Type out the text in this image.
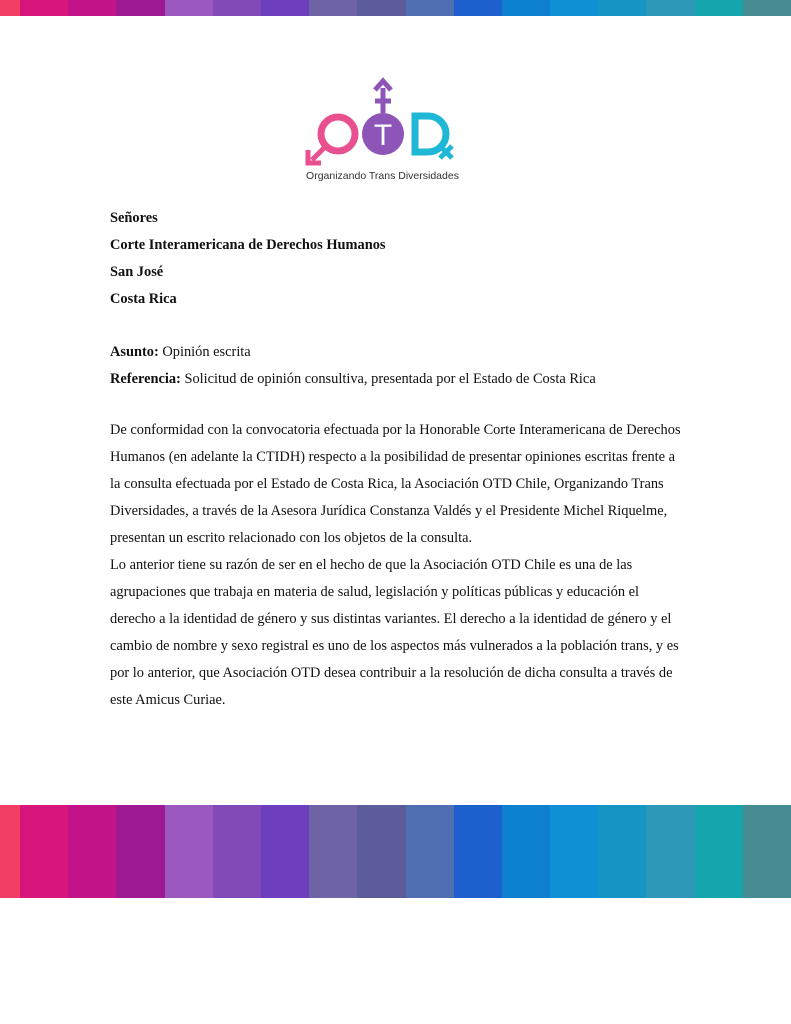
T
Organizando Trans Diversidades

Señores

Corte Interamericana de Derechos Humanos

San José

Costa Rica

Asunto: Opinión escrita

Referencia: Solicitud de opinión consultiva, presentada por el Estado de Costa Rica

De conformidad con la convocatoria efectuada por la Honorable Corte Interamericana de Derechos Humanos (en adelante la CTIDH) respecto a la posibilidad de presentar opiniones escritas frente a la consulta efectuada por el Estado de Costa Rica, la Asociación OTD Chile, Organizando Trans Diversidades, a través de la Asesora Jurídica Constanza Valdés y el Presidente Michel Riquelme, presentan un escrito relacionado con los objetos de la consulta.

Lo anterior tiene su razón de ser en el hecho de que la Asociación OTD Chile es una de las agrupaciones que trabaja en materia de salud, legislación y políticas públicas y educación el derecho a la identidad de género y sus distintas variantes. El derecho a la identidad de género y el cambio de nombre y sexo registral es uno de los aspectos más vulnerados a la población trans, y es por lo anterior, que Asociación OTD desea contribuir a la resolución de dicha consulta a través de este Amicus Curiae.
